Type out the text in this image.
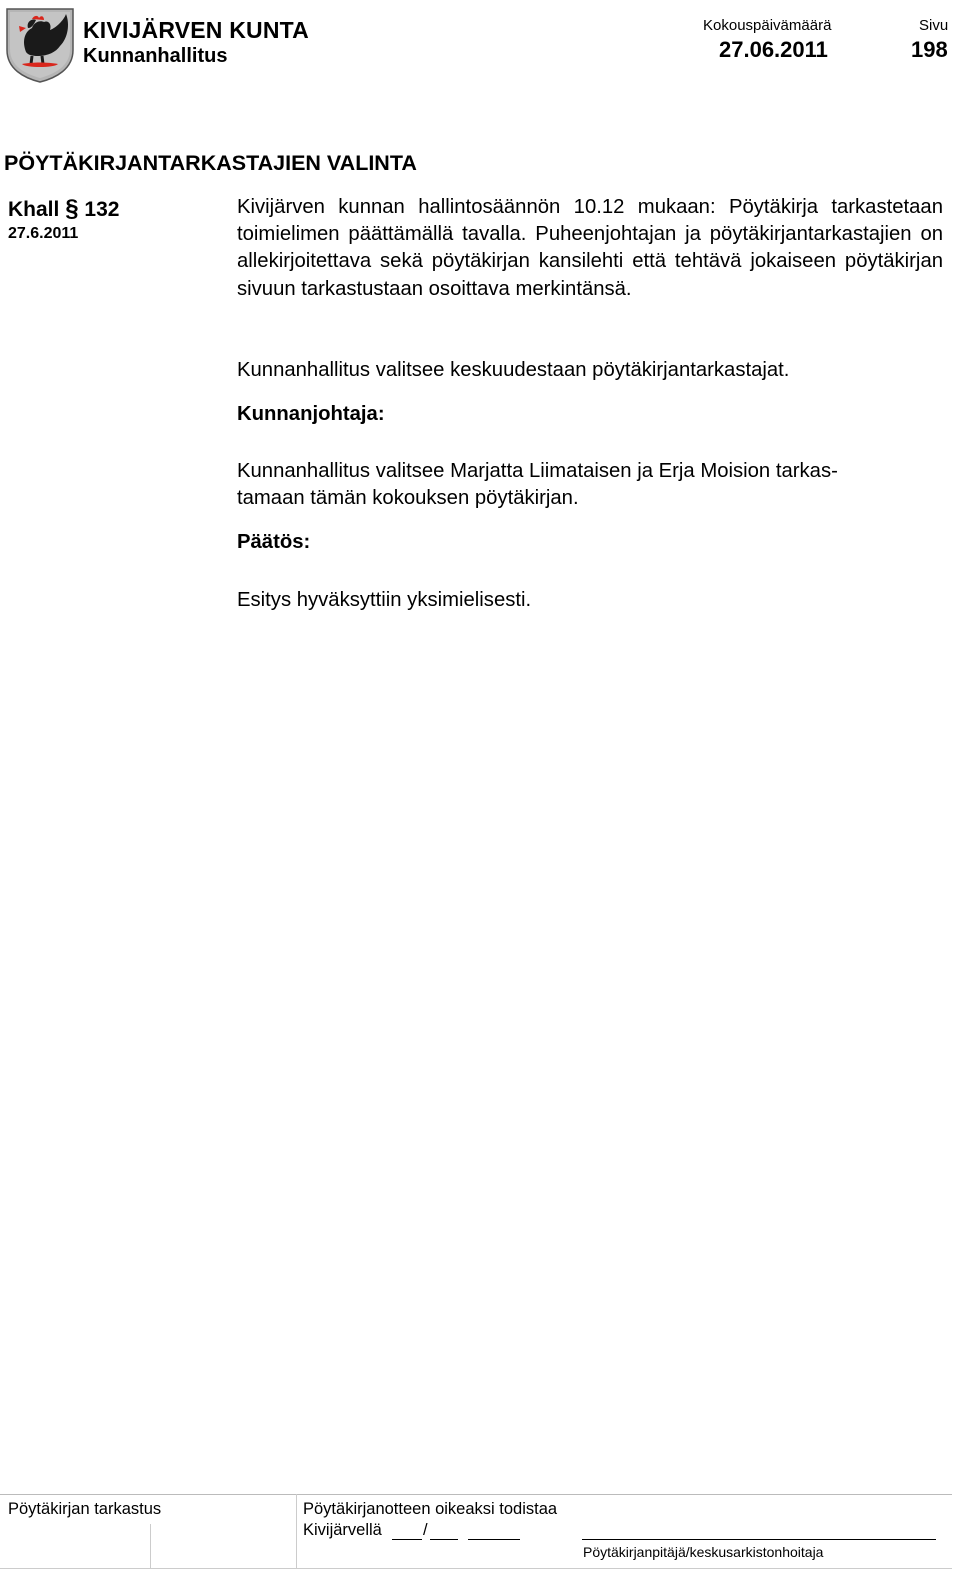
KIVIJÄRVEN KUNTA
Kunnanhallitus
Kokouspäivämäärä
27.06.2011
Sivu
198
PÖYTÄKIRJANTARKASTAJIEN VALINTA
Khall § 132
27.6.2011

Kivijärven kunnan hallintosäännön 10.12 mukaan: Pöytäkirja tarkastetaan toimielimen päättämällä tavalla. Puheenjohtajan ja pöytäkirjantarkastajien on allekirjoitettava sekä pöytäkirjan kansilehti että tehtävä jokaiseen pöytäkirjan sivuun tarkastustaan osoittava merkintänsä.

Kunnanhallitus valitsee keskuudestaan pöytäkirjantarkastajat.

Kunnanjohtaja:

Kunnanhallitus valitsee Marjatta Liimataisen ja Erja Moision tarkas-

tamaan tämän kokouksen pöytäkirjan.

Päätös:

Esitys hyväksyttiin yksimielisesti.

Pöytäkirjan tarkastus	Pöytäkirjanotteen oikeaksi todistaa
Kivijärvellä /
Pöytäkirjanpitäjä/keskusarkistonhoitaja
